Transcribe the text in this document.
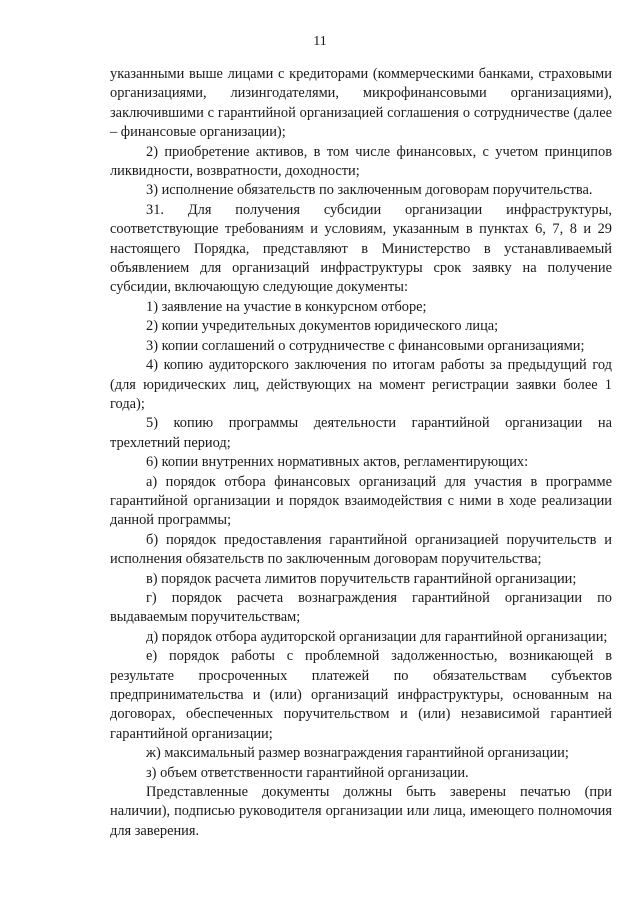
11

указанными выше лицами с кредиторами (коммерческими банками, страховыми организациями, лизингодателями, микрофинансовыми организациями), заключившими с гарантийной организацией соглашения о сотрудничестве (далее – финансовые организации);

2) приобретение активов, в том числе финансовых, с учетом принципов ликвидности, возвратности, доходности;

3) исполнение обязательств по заключенным договорам поручительства.

31. Для получения субсидии организации инфраструктуры, соответствующие требованиям и условиям, указанным в пунктах 6, 7, 8 и 29 настоящего Порядка, представляют в Министерство в устанавливаемый объявлением для организаций инфраструктуры срок заявку на получение субсидии, включающую следующие документы:

1) заявление на участие в конкурсном отборе;

2) копии учредительных документов юридического лица;

3) копии соглашений о сотрудничестве с финансовыми организациями;

4) копию аудиторского заключения по итогам работы за предыдущий год (для юридических лиц, действующих на момент регистрации заявки более 1 года);

5) копию программы деятельности гарантийной организации на трехлетний период;

6) копии внутренних нормативных актов, регламентирующих:

а) порядок отбора финансовых организаций для участия в программе гарантийной организации и порядок взаимодействия с ними в ходе реализации данной программы;

б) порядок предоставления гарантийной организацией поручительств и исполнения обязательств по заключенным договорам поручительства;

в) порядок расчета лимитов поручительств гарантийной организации;

г) порядок расчета вознаграждения гарантийной организации по выдаваемым поручительствам;

д) порядок отбора аудиторской организации для гарантийной организации;

е) порядок работы с проблемной задолженностью, возникающей в результате просроченных платежей по обязательствам субъектов предпринимательства и (или) организаций инфраструктуры, основанным на договорах, обеспеченных поручительством и (или) независимой гарантией гарантийной организации;

ж) максимальный размер вознаграждения гарантийной организации;

з) объем ответственности гарантийной организации.

Представленные документы должны быть заверены печатью (при наличии), подписью руководителя организации или лица, имеющего полномочия для заверения.
